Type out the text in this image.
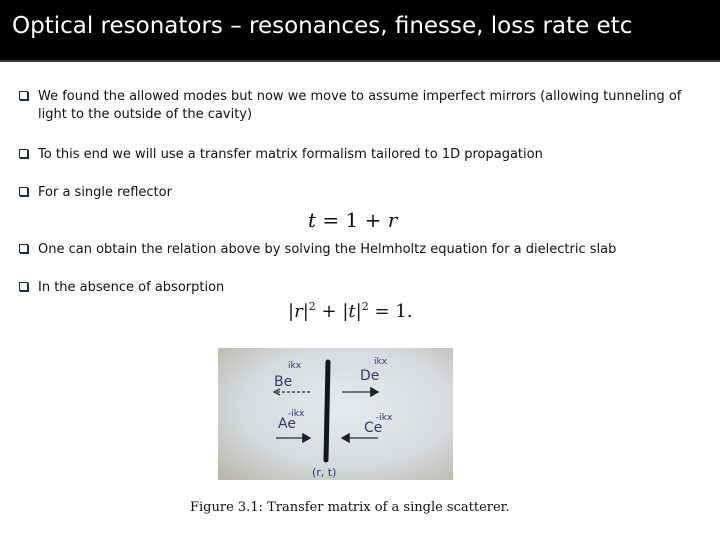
Optical resonators – resonances, finesse, loss rate etc
We found the allowed modes but now we move to assume imperfect mirrors (allowing tunneling of light to the outside of the cavity)
To this end we will use a transfer matrix formalism tailored to 1D propagation
For a single reflector
t = 1 + r
One can obtain the relation above by solving the Helmholtz equation for a dielectric slab
In the absence of absorption
$|r|^2 + |t|^2 = 1$.
Be
ikx
De
ikx
Ae
-ikx
Ce
-ikx
(r, t)
Figure 3.1: Transfer matrix of a single scatterer.
